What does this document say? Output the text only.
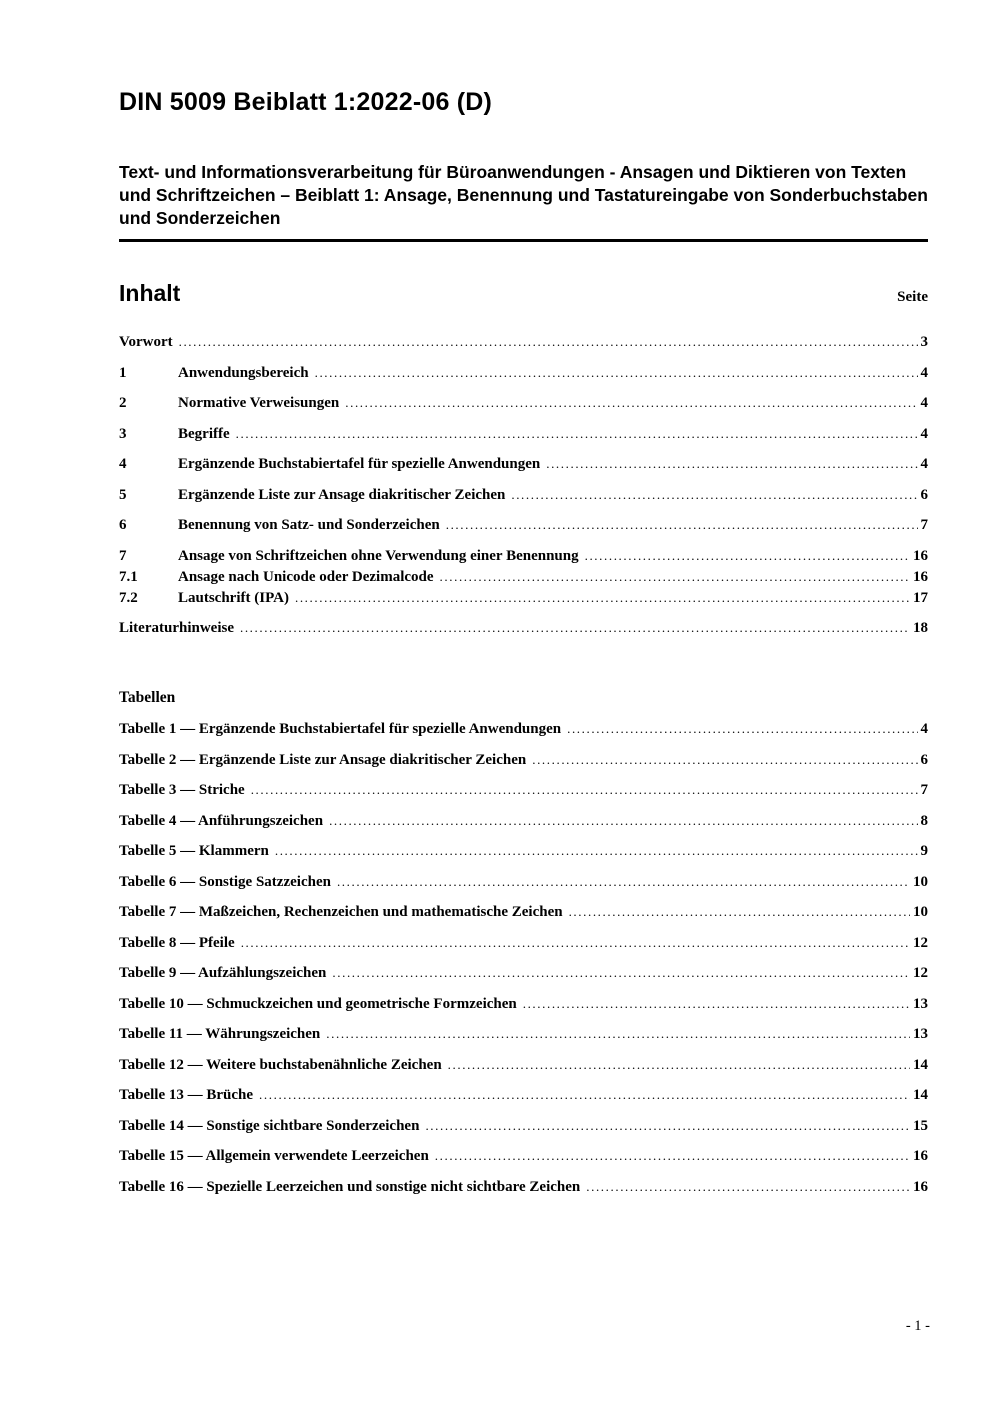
DIN 5009 Beiblatt 1:2022-06 (D)
Text- und Informationsverarbeitung für Büroanwendungen - Ansagen und Diktieren von Texten und Schriftzeichen – Beiblatt 1: Ansage, Benennung und Tastatureingabe von Sonderbuchstaben und Sonderzeichen
Inhalt	Seite
Vorwort .....	3
1	Anwendungsbereich .....	4
2	Normative Verweisungen .....	4
3	Begriffe .....	4
4	Ergänzende Buchstabiertafel für spezielle Anwendungen .....	4
5	Ergänzende Liste zur Ansage diakritischer Zeichen .....	6
6	Benennung von Satz- und Sonderzeichen .....	7
7	Ansage von Schriftzeichen ohne Verwendung einer Benennung .....	16
7.1	Ansage nach Unicode oder Dezimalcode .....	16
7.2	Lautschrift (IPA) .....	17
Literaturhinweise .....	18
Tabellen
Tabelle 1 — Ergänzende Buchstabiertafel für spezielle Anwendungen .....	4
Tabelle 2 — Ergänzende Liste zur Ansage diakritischer Zeichen .....	6
Tabelle 3 — Striche .....	7
Tabelle 4 — Anführungszeichen .....	8
Tabelle 5 — Klammern .....	9
Tabelle 6 — Sonstige Satzzeichen .....	10
Tabelle 7 — Maßzeichen, Rechenzeichen und mathematische Zeichen .....	10
Tabelle 8 — Pfeile .....	12
Tabelle 9 — Aufzählungszeichen .....	12
Tabelle 10 — Schmuckzeichen und geometrische Formzeichen .....	13
Tabelle 11 — Währungszeichen .....	13
Tabelle 12 — Weitere buchstabenähnliche Zeichen .....	14
Tabelle 13 — Brüche .....	14
Tabelle 14 — Sonstige sichtbare Sonderzeichen .....	15
Tabelle 15 — Allgemein verwendete Leerzeichen .....	16
Tabelle 16 — Spezielle Leerzeichen und sonstige nicht sichtbare Zeichen .....	16
- 1 -
